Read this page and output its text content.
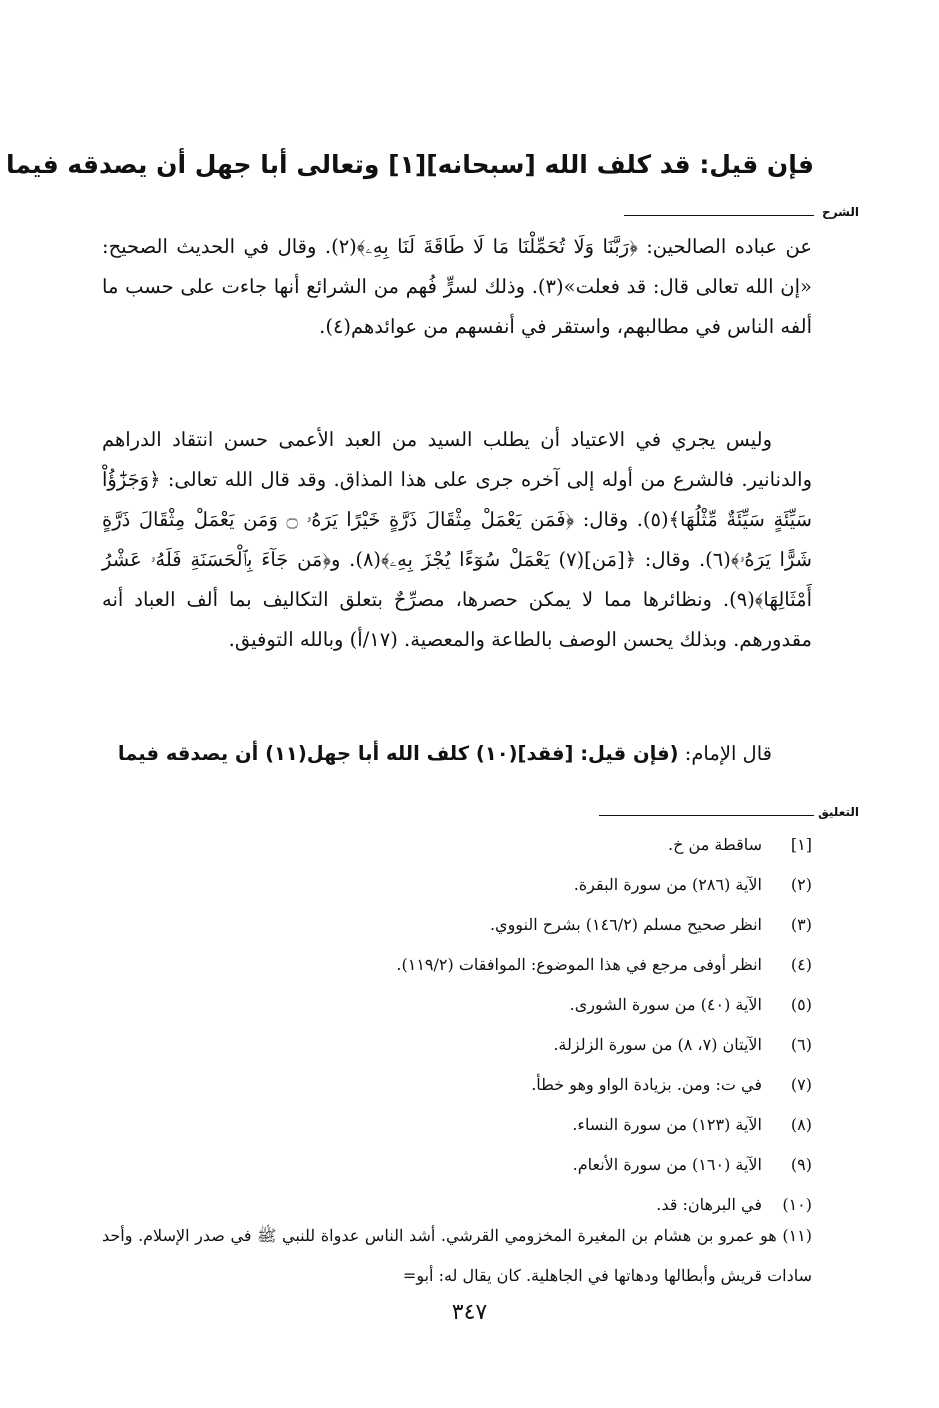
فإن قيل: قد كلف الله [سبحانه][١] وتعالى أبا جهل أن يصدقه فيما
الشرح

عن عباده الصالحين: ﴿رَبَّنَا وَلَا تُحَمِّلْنَا مَا لَا طَاقَةَ لَنَا بِهِۦ﴾(٢). وقال في الحديث الصحيح: «إن الله تعالى قال: قد فعلت»(٣). وذلك لسرٍّ فُهم من الشرائع أنها جاءت على حسب ما ألفه الناس في مطالبهم، واستقر في أنفسهم من عوائدهم(٤).

وليس يجري في الاعتياد أن يطلب السيد من العبد الأعمى حسن انتقاد الدراهم والدنانير. فالشرع من أوله إلى آخره جرى على هذا المذاق. وقد قال الله تعالى: ﴿وَجَزَٰٓؤُاْ سَيِّئَةٍ سَيِّئَةٌ مِّثْلُهَا﴾(٥). وقال: ﴿فَمَن يَعْمَلْ مِثْقَالَ ذَرَّةٍ خَيْرًا يَرَهُۥ ۝ وَمَن يَعْمَلْ مِثْقَالَ ذَرَّةٍ شَرًّا يَرَهُۥ﴾(٦). وقال: ﴿[مَن](٧) يَعْمَلْ سُوٓءًا يُجْزَ بِهِۦ﴾(٨). و﴿مَن جَآءَ بِٱلْحَسَنَةِ فَلَهُۥ عَشْرُ أَمْثَالِهَا﴾(٩). ونظائرها مما لا يمكن حصرها، مصرِّحٌ بتعلق التكاليف بما ألف العباد أنه مقدورهم. وبذلك يحسن الوصف بالطاعة والمعصية. (١٧/أ) وبالله التوفيق.

قال الإمام: (فإن قيل: [فقد](١٠) كلف الله أبا جهل(١١) أن يصدقه فيما

التعليق
[١]
ساقطة من خ.
(٢)
الآية (٢٨٦) من سورة البقرة.
(٣)
انظر صحيح مسلم (١٤٦/٢) بشرح النووي.
(٤)
انظر أوفى مرجع في هذا الموضوع: الموافقات (١١٩/٢).
(٥)
الآية (٤٠) من سورة الشورى.
(٦)
الآيتان (٧، ٨) من سورة الزلزلة.
(٧)
في ت: ومن. بزيادة الواو وهو خطأ.
(٨)
الآية (١٢٣) من سورة النساء.
(٩)
الآية (١٦٠) من سورة الأنعام.
(١٠)
في البرهان: قد.
(١١) هو عمرو بن هشام بن المغيرة المخزومي القرشي. أشد الناس عدواة للنبي ﷺ في صدر الإسلام. وأحد سادات قريش وأبطالها ودهاتها في الجاهلية. كان يقال له: أبو=
٣٤٧
